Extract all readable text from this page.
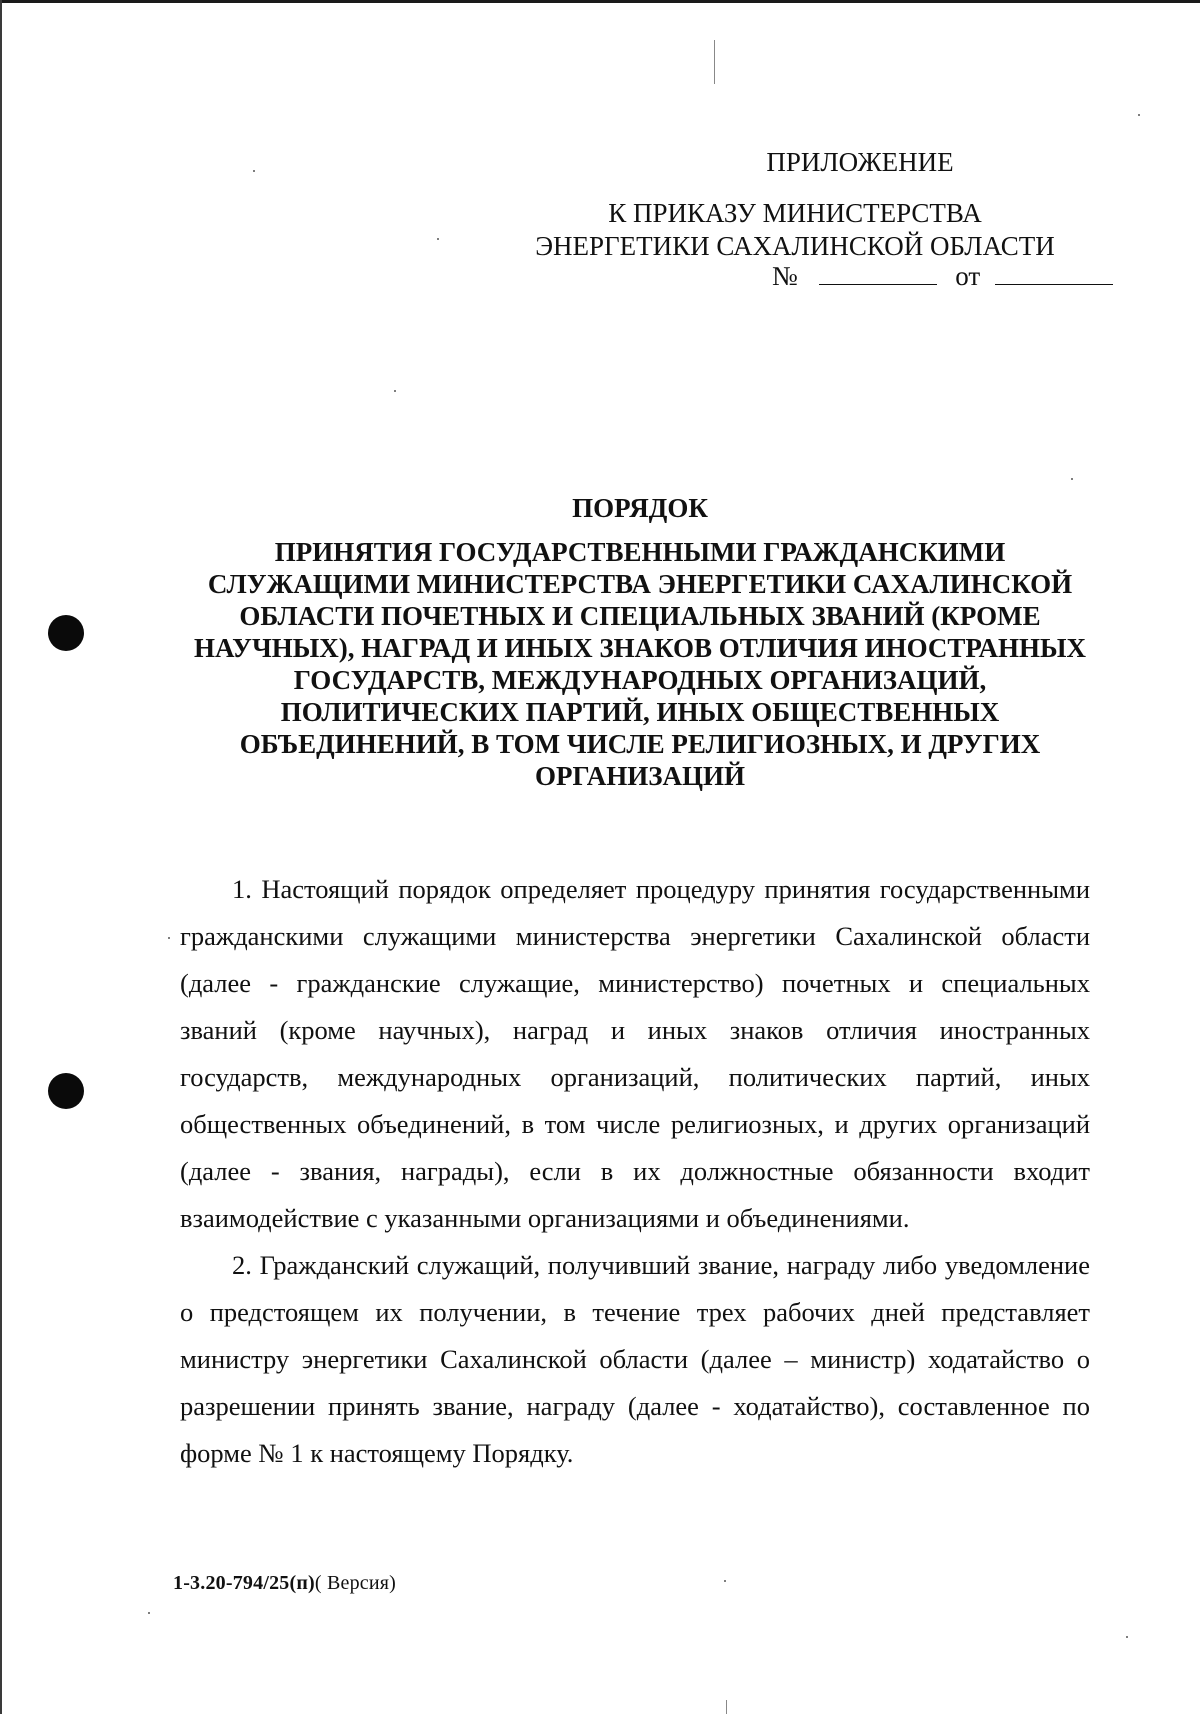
ПРИЛОЖЕНИЕ
К ПРИКАЗУ МИНИСТЕРСТВА
ЭНЕРГЕТИКИ САХАЛИНСКОЙ ОБЛАСТИ
№	от
ПОРЯДОК
ПРИНЯТИЯ ГОСУДАРСТВЕННЫМИ ГРАЖДАНСКИМИ СЛУЖАЩИМИ МИНИСТЕРСТВА ЭНЕРГЕТИКИ САХАЛИНСКОЙ ОБЛАСТИ ПОЧЕТНЫХ И СПЕЦИАЛЬНЫХ ЗВАНИЙ (КРОМЕ НАУЧНЫХ), НАГРАД И ИНЫХ ЗНАКОВ ОТЛИЧИЯ ИНОСТРАННЫХ ГОСУДАРСТВ, МЕЖДУНАРОДНЫХ ОРГАНИЗАЦИЙ, ПОЛИТИЧЕСКИХ ПАРТИЙ, ИНЫХ ОБЩЕСТВЕННЫХ ОБЪЕДИНЕНИЙ, В ТОМ ЧИСЛЕ РЕЛИГИОЗНЫХ, И ДРУГИХ ОРГАНИЗАЦИЙ

1. Настоящий порядок определяет процедуру принятия государственными гражданскими служащими министерства энергетики Сахалинской области (далее - гражданские служащие, министерство) почетных и специальных званий (кроме научных), наград и иных знаков отличия иностранных государств, международных организаций, политических партий, иных общественных объединений, в том числе религиозных, и других организаций (далее - звания, награды), если в их должностные обязанности входит взаимодействие с указанными организациями и объединениями.

2. Гражданский служащий, получивший звание, награду либо уведомление о предстоящем их получении, в течение трех рабочих дней представляет министру энергетики Сахалинской области (далее – министр) ходатайство о разрешении принять звание, награду (далее - ходатайство), составленное по форме № 1 к настоящему Порядку.

1-3.20-794/25(п)( Версия)
